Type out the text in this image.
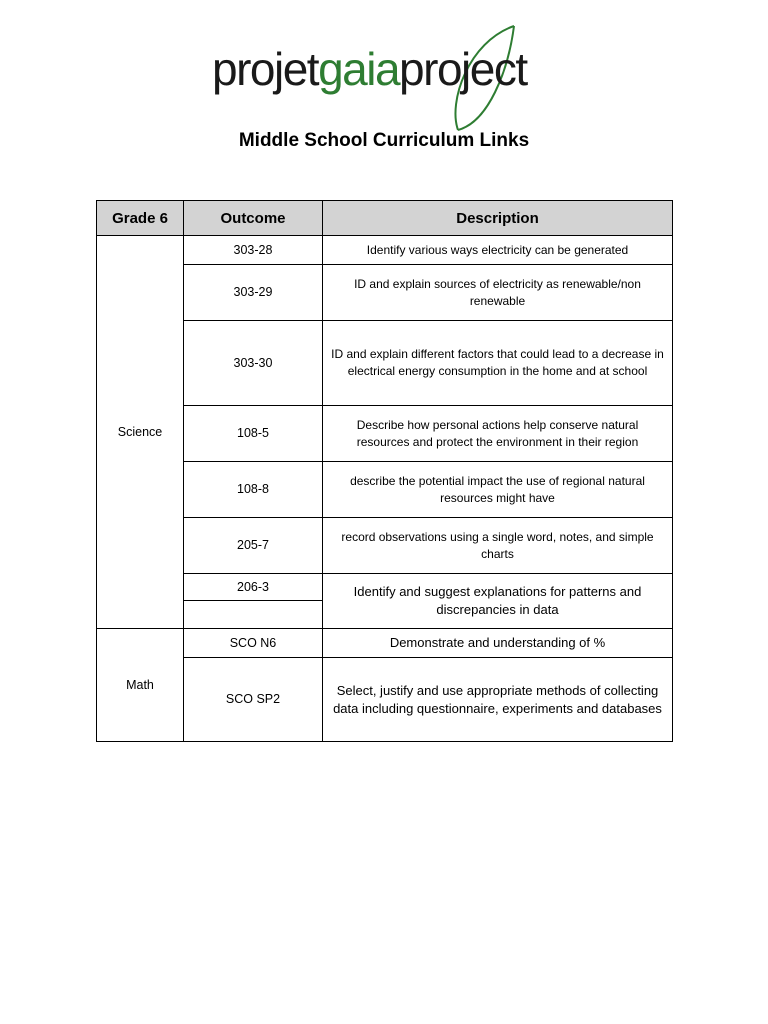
projetgaiaproject
Middle School Curriculum Links
Grade 6	Outcome	Description
Science	303-28	Identify various ways electricity can be generated
	303-29	ID and explain sources of electricity as renewable/non renewable
	303-30	ID and explain different factors that could lead to a decrease in electrical energy consumption in the home and at school
	108-5	Describe how personal actions help conserve natural resources and protect the environment in their region
	108-8	describe the potential impact the use of regional natural resources might have
	205-7	record observations using a single word, notes, and simple charts
	206-3	Identify and suggest explanations for patterns and discrepancies in data

Math	SCO N6	Demonstrate and understanding of %
	SCO SP2	Select, justify and use appropriate methods of collecting data including questionnaire, experiments and databases
